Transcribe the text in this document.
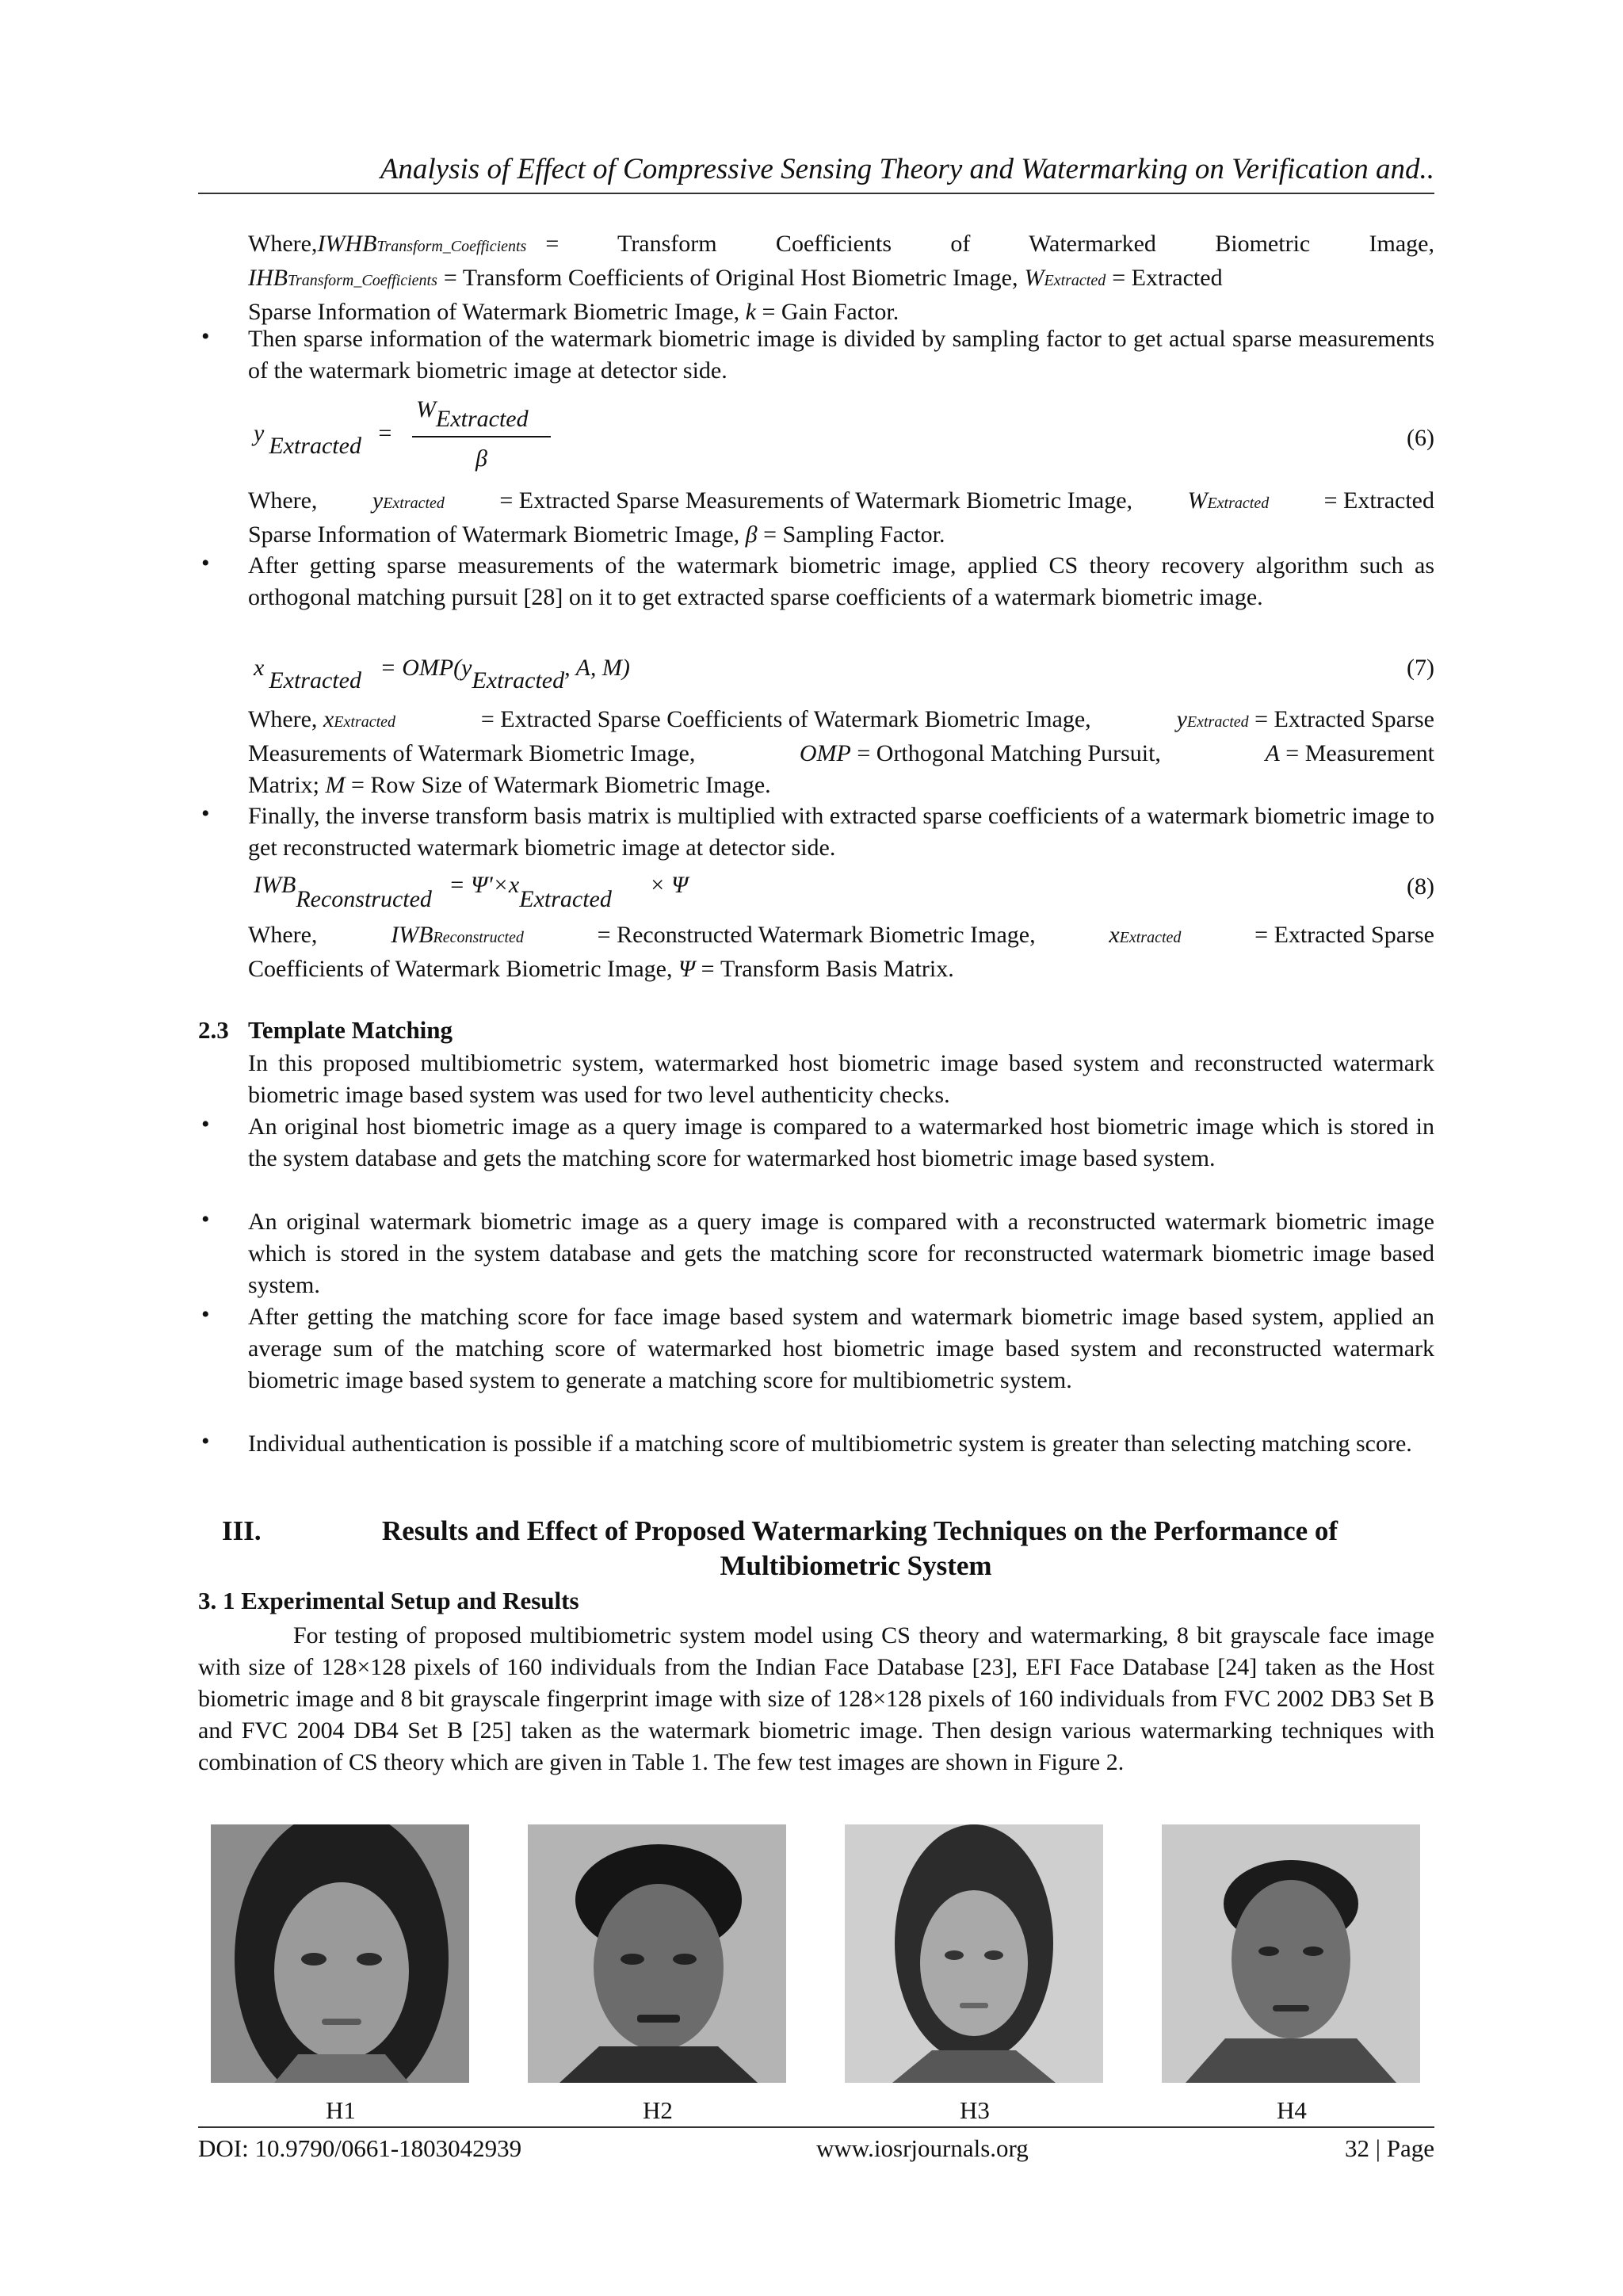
Analysis of Effect of Compressive Sensing Theory and Watermarking on Verification and..
Where, IWHBTransform_Coefficients = Transform Coefficients of Watermarked Biometric Image,
IHBTransform_Coefficients = Transform Coefficients of Original Host Biometric Image, WExtracted = Extracted
Sparse Information of Watermark Biometric Image, k = Gain Factor.
• Then sparse information of the watermark biometric image is divided by sampling factor to get actual sparse measurements of the watermark biometric image at detector side.
y Extracted =
WExtracted
β
(6)
Where, yExtracted = Extracted Sparse Measurements of Watermark Biometric Image, WExtracted = Extracted
Sparse Information of Watermark Biometric Image, β = Sampling Factor.
• After getting sparse measurements of the watermark biometric image, applied CS theory recovery algorithm such as orthogonal matching pursuit [28] on it to get extracted sparse coefficients of a watermark biometric image.
x Extracted = OMP(yExtracted, A, M)	(7)
Where, xExtracted	= Extracted Sparse Coefficients of Watermark Biometric Image,	yExtracted = Extracted Sparse
Measurements of Watermark Biometric Image,	OMP = Orthogonal Matching Pursuit,	A = Measurement
Matrix; M = Row Size of Watermark Biometric Image.
• Finally, the inverse transform basis matrix is multiplied with extracted sparse coefficients of a watermark biometric image to get reconstructed watermark biometric image at detector side.
IWBReconstructed = Ψ'×xExtracted × Ψ	(8)
Where,	IWBReconstructed	= Reconstructed Watermark Biometric Image,	xExtracted	= Extracted Sparse
Coefficients of Watermark Biometric Image, Ψ = Transform Basis Matrix.
2.3 Template Matching
In this proposed multibiometric system, watermarked host biometric image based system and reconstructed watermark biometric image based system was used for two level authenticity checks.
• An original host biometric image as a query image is compared to a watermarked host biometric image which is stored in the system database and gets the matching score for watermarked host biometric image based system.
• An original watermark biometric image as a query image is compared with a reconstructed watermark biometric image which is stored in the system database and gets the matching score for reconstructed watermark biometric image based system.
• After getting the matching score for face image based system and watermark biometric image based system, applied an average sum of the matching score of watermarked host biometric image based system and reconstructed watermark biometric image based system to generate a matching score for multibiometric system.
• Individual authentication is possible if a matching score of multibiometric system is greater than selecting matching score.
III.	Results and Effect of Proposed Watermarking Techniques on the Performance of
Multibiometric System
3. 1 Experimental Setup and Results
For testing of proposed multibiometric system model using CS theory and watermarking, 8 bit grayscale face image with size of 128×128 pixels of 160 individuals from the Indian Face Database [23], EFI Face Database [24] taken as the Host biometric image and 8 bit grayscale fingerprint image with size of 128×128 pixels of 160 individuals from FVC 2002 DB3 Set B and FVC 2004 DB4 Set B [25] taken as the watermark biometric image. Then design various watermarking techniques with combination of CS theory which are given in Table 1. The few test images are shown in Figure 2.
H1	H2	H3	H4
DOI: 10.9790/0661-1803042939	www.iosrjournals.org	32 | Page
